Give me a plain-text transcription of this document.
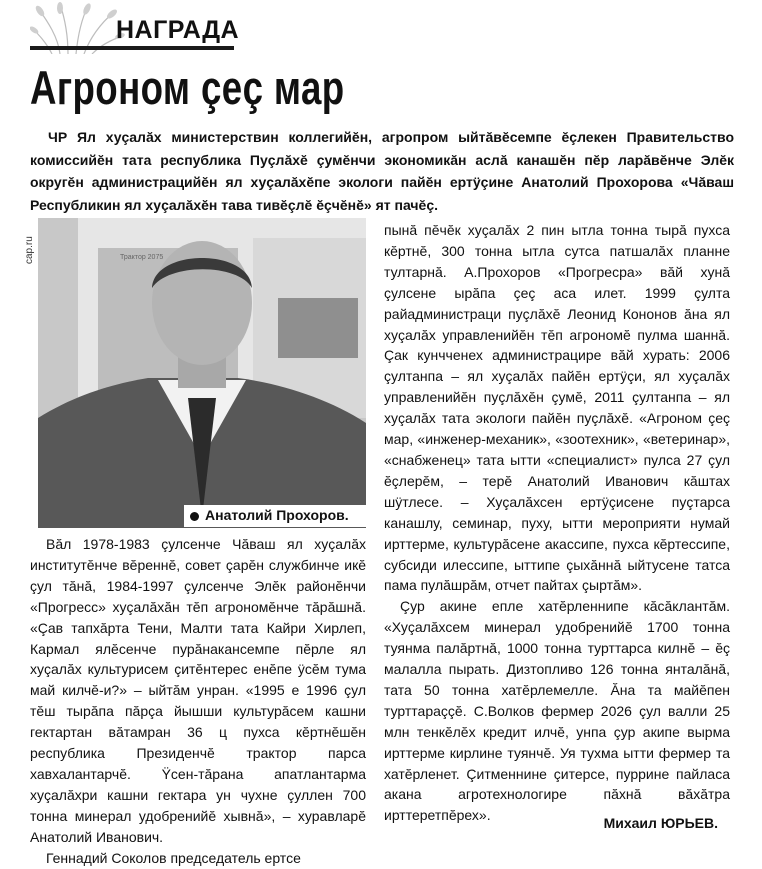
НАГРАДА
Агроном çеç мар
ЧР Ял хуçалăх министерствин коллегийĕн, агропром ыйтăвĕсемпе ĕçлекен Правительство комиссийĕн тата республика Пуçлăхĕ çумĕнчи экономикăн аслă канашĕн пĕр ларăвĕнче Элĕк округĕн администрацийĕн ял хуçалăхĕпе экологи пайĕн ертÿçине Анатолий Прохорова «Чăваш Республикин ял хуçалăхĕн тава тивĕçлĕ ĕçчĕнĕ» ят пачĕç.
cap.ru
Анатолий Прохоров.
Трактор 2075

Вăл 1978-1983 çулсенче Чăваш ял хуçалăх институтĕнче вĕреннĕ, совет çарĕн службинче икĕ çул тăнă, 1984-1997 çулсенче Элĕк районĕнчи «Прогресс» хуçалăхăн тĕп агрономĕнче тăрăшнă. «Çав тапхăрта Тени, Малти тата Кайри Хирлеп, Кармал ялĕсенче пурăнакансемпе пĕрле ял хуçалăх культурисем çитĕнтерес енĕпе ÿсĕм тума май килчĕ-и?» – ыйтăм унран. «1995 е 1996 çул тĕш тырăпа пăрçа йышши культурăсем кашни гектартан вăтамран 36 ц пухса кĕртнĕшĕн республика Президенчĕ трактор парса хавхалантарчĕ. Ÿсен-тăрана апатлантарма хуçалăхри кашни гектара ун чухне çуллен 700 тонна минерал удобренийĕ хывнă», – хуравларĕ Анатолий Иванович.

Геннадий Соколов председатель ертсе

пынă пĕчĕк хуçалăх 2 пин ытла тонна тырă пухса кĕртнĕ, 300 тонна ытла сутса патшалăх планне тултарнă. А.Прохоров «Прогресра» вăй хунă çулсене ырăпа çеç аса илет. 1999 çулта райадминистраци пуçлăхĕ Леонид Кононов ăна ял хуçалăх управленийĕн тĕп агрономĕ пулма шаннă. Çак кунчченех администрацире вăй хурать: 2006 çултанпа – ял хуçалăх пайĕн ертÿçи, ял хуçалăх управленийĕн пуçлăхĕн çумĕ, 2011 çултанпа – ял хуçалăх тата экологи пайĕн пуçлăхĕ. «Агроном çеç мар, «инженер-механик», «зоотехник», «ветеринар», «снабженец» тата ытти «специалист» пулса 27 çул ĕçлерĕм, – терĕ Анатолий Иванович кăштах шÿтлесе. – Хуçалăхсен ертÿçисене пуçтарса канашлу, семинар, пуху, ытти мероприяти нумай ирттерме, культурăсене акассипе, пухса кĕртессипе, субсиди илессипе, ыттипе çыхăннă ыйтусене татса пама пулăшрăм, отчет пайтах çыртăм».

Çур акине епле хатĕрленнипе кăсăклантăм. «Хуçалăхсем минерал удобренийĕ 1700 тонна туянма палăртнă, 1000 тонна турттарса килнĕ – ĕç малалла пырать. Дизтопливо 126 тонна янталăнă, тата 50 тонна хатĕрлемелле. Ăна та майĕпен турттараççĕ. С.Волков фермер 2026 çул валли 25 млн тенкĕлĕх кредит илчĕ, унпа çур акипе вырма ирттерме кирлине туянчĕ. Уя тухма ытти фермер та хатĕрленет. Çитменнине çитерсе, пуррине пайласа акана агротехнологире пăхнă вăхăтра ирттеретпĕрех».	Михаил ЮРЬЕВ.
